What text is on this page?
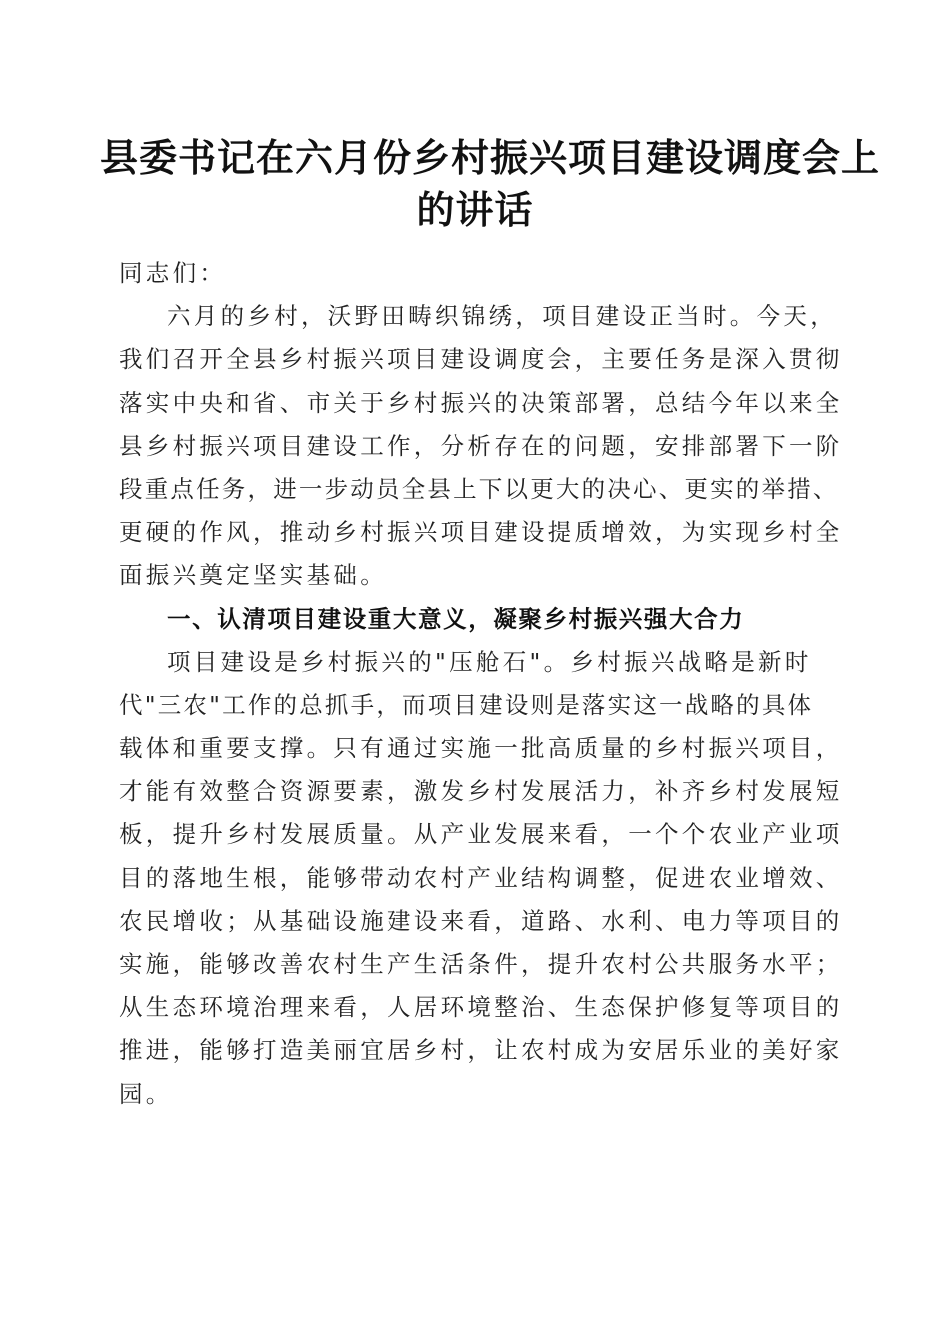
县委书记在六月份乡村振兴项目建设调度会上
的讲话
同志们：
六月的乡村，沃野田畴织锦绣，项目建设正当时。今天，
我们召开全县乡村振兴项目建设调度会，主要任务是深入贯彻
落实中央和省、市关于乡村振兴的决策部署，总结今年以来全
县乡村振兴项目建设工作，分析存在的问题，安排部署下一阶
段重点任务，进一步动员全县上下以更大的决心、更实的举措、
更硬的作风，推动乡村振兴项目建设提质增效，为实现乡村全
面振兴奠定坚实基础。
一、认清项目建设重大意义，凝聚乡村振兴强大合力
项目建设是乡村振兴的"压舱石"。乡村振兴战略是新时
代"三农"工作的总抓手，而项目建设则是落实这一战略的具体
载体和重要支撑。只有通过实施一批高质量的乡村振兴项目，
才能有效整合资源要素，激发乡村发展活力，补齐乡村发展短
板，提升乡村发展质量。从产业发展来看，一个个农业产业项
目的落地生根，能够带动农村产业结构调整，促进农业增效、
农民增收；从基础设施建设来看，道路、水利、电力等项目的
实施，能够改善农村生产生活条件，提升农村公共服务水平；
从生态环境治理来看，人居环境整治、生态保护修复等项目的
推进，能够打造美丽宜居乡村，让农村成为安居乐业的美好家
园。
